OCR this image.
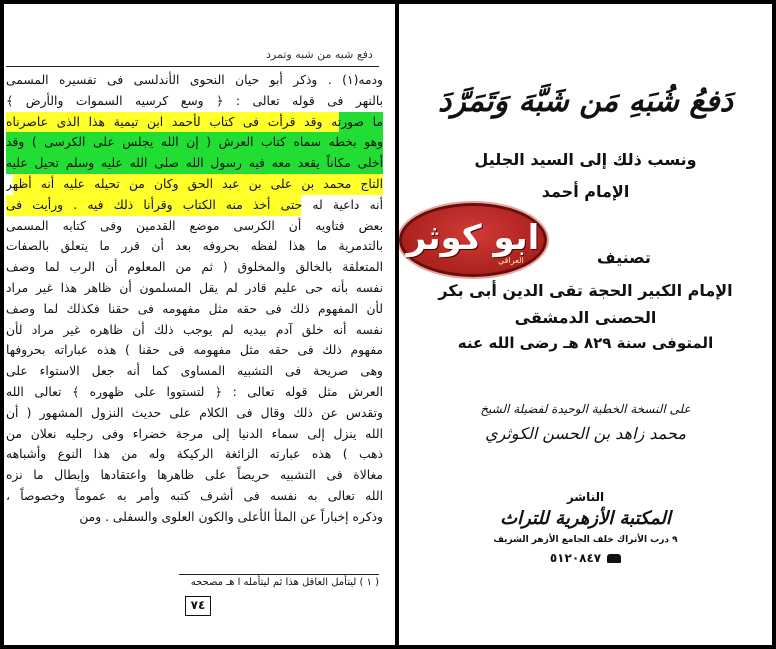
دفع شبه من شبه وتمرد
ودمه(١) . وذكر أبو حيان النحوى الأندلسى فى تفسيره المسمى
بالنهر فى قوله تعالى : ﴿ وسع كرسيه السموات والأرض ﴾
ما صورته وقد قرأت فى كتاب لأحمد ابن تيمية هذا الذى عاصرناه
وهو بخطه سماه كتاب العرش ( إن الله يجلس على الكرسى ) وقد
أخلى مكاناً يقعد معه فيه رسول الله صلى الله عليه وسلم تحيل عليه
التاج محمد بن على بن عبد الحق وكان من تحيله عليه أنه أظهر
أنه داعية له حتى أخذ منه الكتاب وقرأنا ذلك فيه . ورأيت فى
بعض فتاويه أن الكرسى موضع القدمين وفى كتابه المسمى
بالتدمرية ما هذا لفظه بحروفه بعد أن قرر ما يتعلق بالصفات
المتعلقة بالخالق والمخلوق ( ثم من المعلوم أن الرب لما وصف
نفسه بأنه حى عليم قادر لم يقل المسلمون أن ظاهر هذا غير مراد
لأن المفهوم ذلك فى حقه مثل مفهومه فى حقنا فكذلك لما وصف
نفسه أنه خلق آدم بيديه لم يوجب ذلك أن ظاهره غير مراد لأن
مفهوم ذلك فى حقه مثل مفهومه فى حقنا ) هذه عباراته بحروفها
وهى صريحة فى التشبيه المساوى كما أنه جعل الاستواء على
العرش مثل قوله تعالى : ﴿ لتستووا على ظهوره ﴾ تعالى الله
وتقدس عن ذلك وقال فى الكلام على حديث النزول المشهور ( أن
الله ينزل إلى سماء الدنيا إلى مرجة خضراء وفى رجليه نعلان من
ذهب ) هذه عبارته الزائغة الركيكة وله من هذا النوع وأشباهه
مغالاة فى التشبيه حريصاً على ظاهرها واعتقادها وإبطال ما نزه
الله تعالى به نفسه فى أشرف كتبه وأمر به عموماً وخصوصاً ،
وذكره إخباراً عن الملأ الأعلى والكون العلوى والسفلى . ومن
( ١ ) ليتأمل العاقل هذا ثم ليتأمله ا هـ مصححه
٧٤
دَفعُ شُبَهِ مَن شَبَّهَ وَتَمَرَّدَ
ونسب ذلك إلى السيد الجليل
الإمام أحمد
ابو كوثر
العراقي	تصنيف
الإمام الكبير الحجة تقى الدين أبى بكر
الحصنى الدمشقى
المتوفى سنة ٨٢٩ هـ رضى الله عنه
على النسخة الخطية الوحيدة لفضيلة الشيخ
محمد زاهد بن الحسن الكوثري
الناشر
المكتبة الأزهرية للتراث
٩ درب الأتراك خلف الجامع الأزهر الشريف
٥١٢٠٨٤٧
